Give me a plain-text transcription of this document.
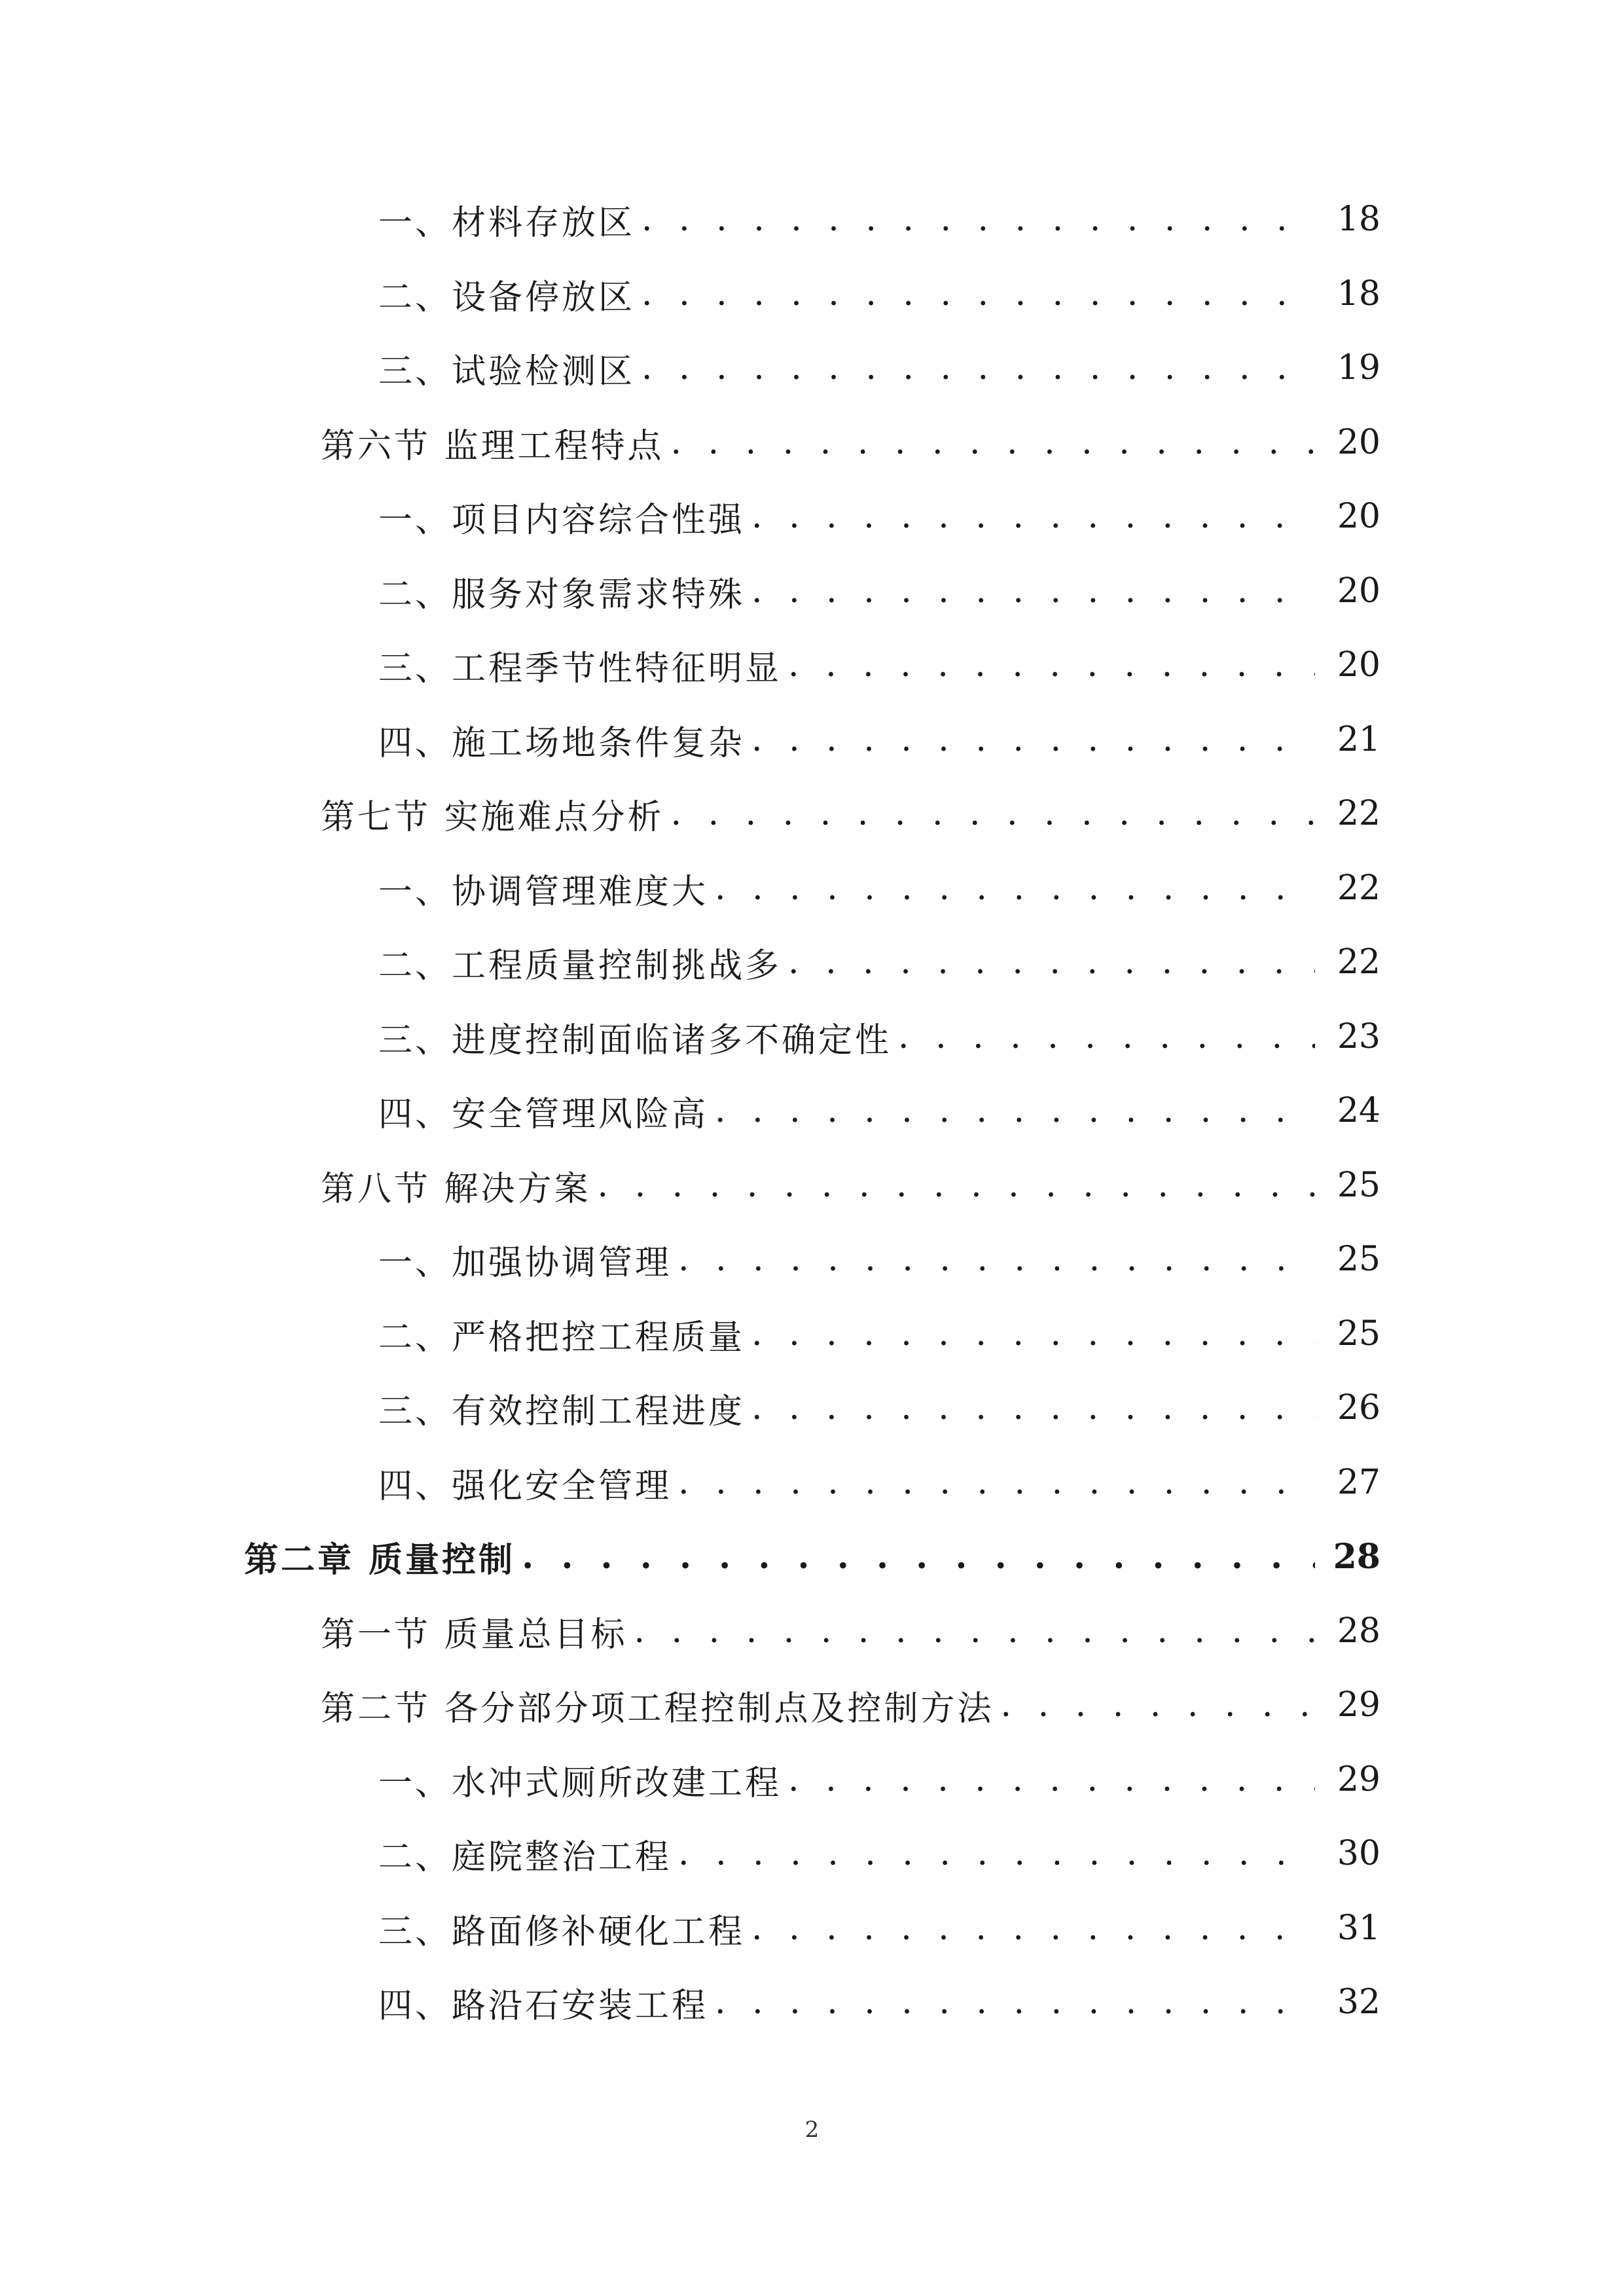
一、材料存放区 . . .	18
二、设备停放区 . . .	18
三、试验检测区 . . .	19
第六节 监理工程特点 . . .	20
一、项目内容综合性强 . . .	20
二、服务对象需求特殊 . . .	20
三、工程季节性特征明显 . . .	20
四、施工场地条件复杂 . . .	21
第七节 实施难点分析 . . .	22
一、协调管理难度大 . . .	22
二、工程质量控制挑战多 . . .	22
三、进度控制面临诸多不确定性 . . .	23
四、安全管理风险高 . . .	24
第八节 解决方案 . . .	25
一、加强协调管理 . . .	25
二、严格把控工程质量 . . .	25
三、有效控制工程进度 . . .	26
四、强化安全管理 . . .	27
第二章 质量控制 . . .	28
第一节 质量总目标 . . .	28
第二节 各分部分项工程控制点及控制方法 . . .	29
一、水冲式厕所改建工程 . . .	29
二、庭院整治工程 . . .	30
三、路面修补硬化工程 . . .	31
四、路沿石安装工程 . . .	32
2
